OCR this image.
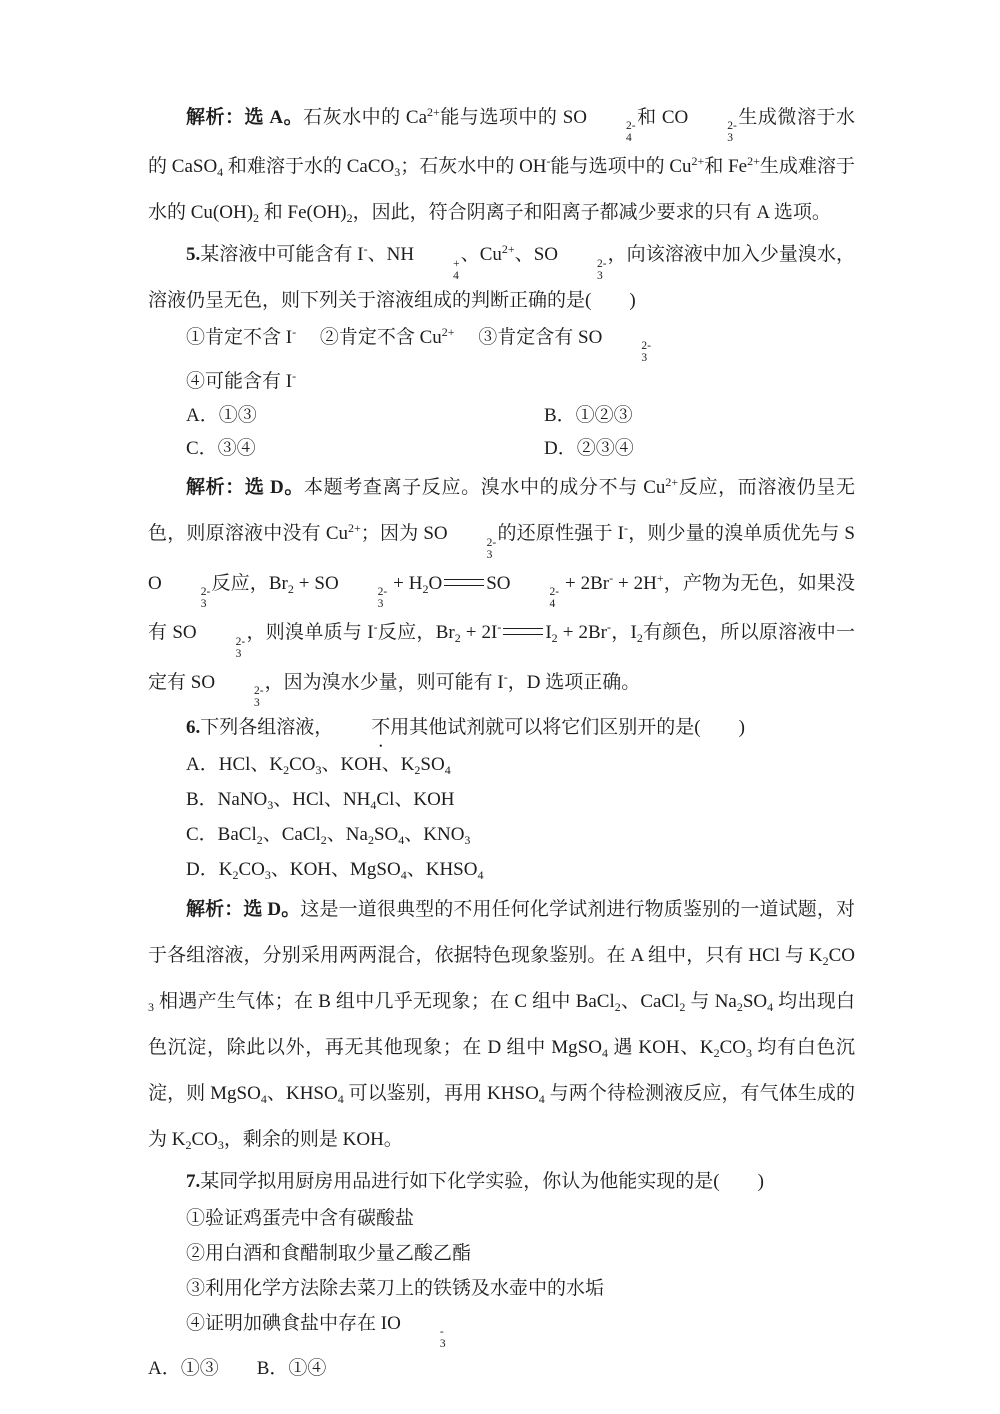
解析：选 A。石灰水中的 $Ca^{2+}$能与选项中的 SO	2-
4
和 CO	2-
3
生成微溶于水的 CaSO$_4$ 和难溶于水的 CaCO$_3$；石灰水中的 OH-能与选项中的 $Cu^{2+}$和 $Fe^{2+}$生成难溶于水的 $Cu(OH)_2$ 和 $Fe(OH)_2$，因此，符合阴离子和阳离子都减少要求的只有 A 选项。

5.某溶液中可能含有 I-、NH	+
4
、$Cu^{2+}$、SO	2-
3
，向该溶液中加入少量溴水，溶液仍呈无色，则下列关于溶液组成的判断正确的是(　　)

①肯定不含 I-　 ②肯定不含 $Cu^{2+}$　 ③肯定含有 SO	2-
3

④可能含有 I-

A．①③	B．①②③
C．③④	D．②③④

解析：选 D。本题考查离子反应。溴水中的成分不与 $Cu^{2+}$反应，而溶液仍呈无色，则原溶液中没有 $Cu^{2+}$；因为 SO	2-
3
的还原性强于 I-，则少量的溴单质优先与 SO	2-
3
反应，$Br_2$ + SO	2-
3
+ $H_2O$ SO	2-
4
+ 2Br- + 2H+，产物为无色，如果没有 SO	2-
3
，则溴单质与 I-反应，$Br_2 + 2I^-$ $I_2 + 2Br^-$，$I_2$有颜色，所以原溶液中一定有 SO	2-
3
，因为溴水少量，则可能有 I-，D 选项正确。

6.下列各组溶液， 不用其他试剂就可以将它们区别开的是(　　)

A．HCl、$K_2CO_3$、KOH、$K_2SO_4$

B．NaNO$_3$、HCl、$NH_4Cl$、KOH

C．BaCl$_2$、CaCl$_2$、$Na_2SO_4$、$KNO_3$

D．$K_2CO_3$、KOH、MgSO$_4$、$KHSO_4$

解析：选 D。这是一道很典型的不用任何化学试剂进行物质鉴别的一道试题，对于各组溶液，分别采用两两混合，依据特色现象鉴别。在 A 组中，只有 HCl 与 $K_2CO_3$ 相遇产生气体；在 B 组中几乎无现象；在 C 组中 BaCl$_2$、CaCl$_2$ 与 $Na_2SO_4$ 均出现白色沉淀，除此以外，再无其他现象；在 D 组中 MgSO$_4$ 遇 KOH、$K_2CO_3$ 均有白色沉淀，则 MgSO$_4$、$KHSO_4$ 可以鉴别，再用 $KHSO_4$ 与两个待检测液反应，有气体生成的为 $K_2CO_3$，剩余的则是 KOH。

7.某同学拟用厨房用品进行如下化学实验，你认为他能实现的是(　　)

①验证鸡蛋壳中含有碳酸盐

②用白酒和食醋制取少量乙酸乙酯

③利用化学方法除去菜刀上的铁锈及水壶中的水垢

④证明加碘食盐中存在 IO	-
3

A．①③　　B．①④
